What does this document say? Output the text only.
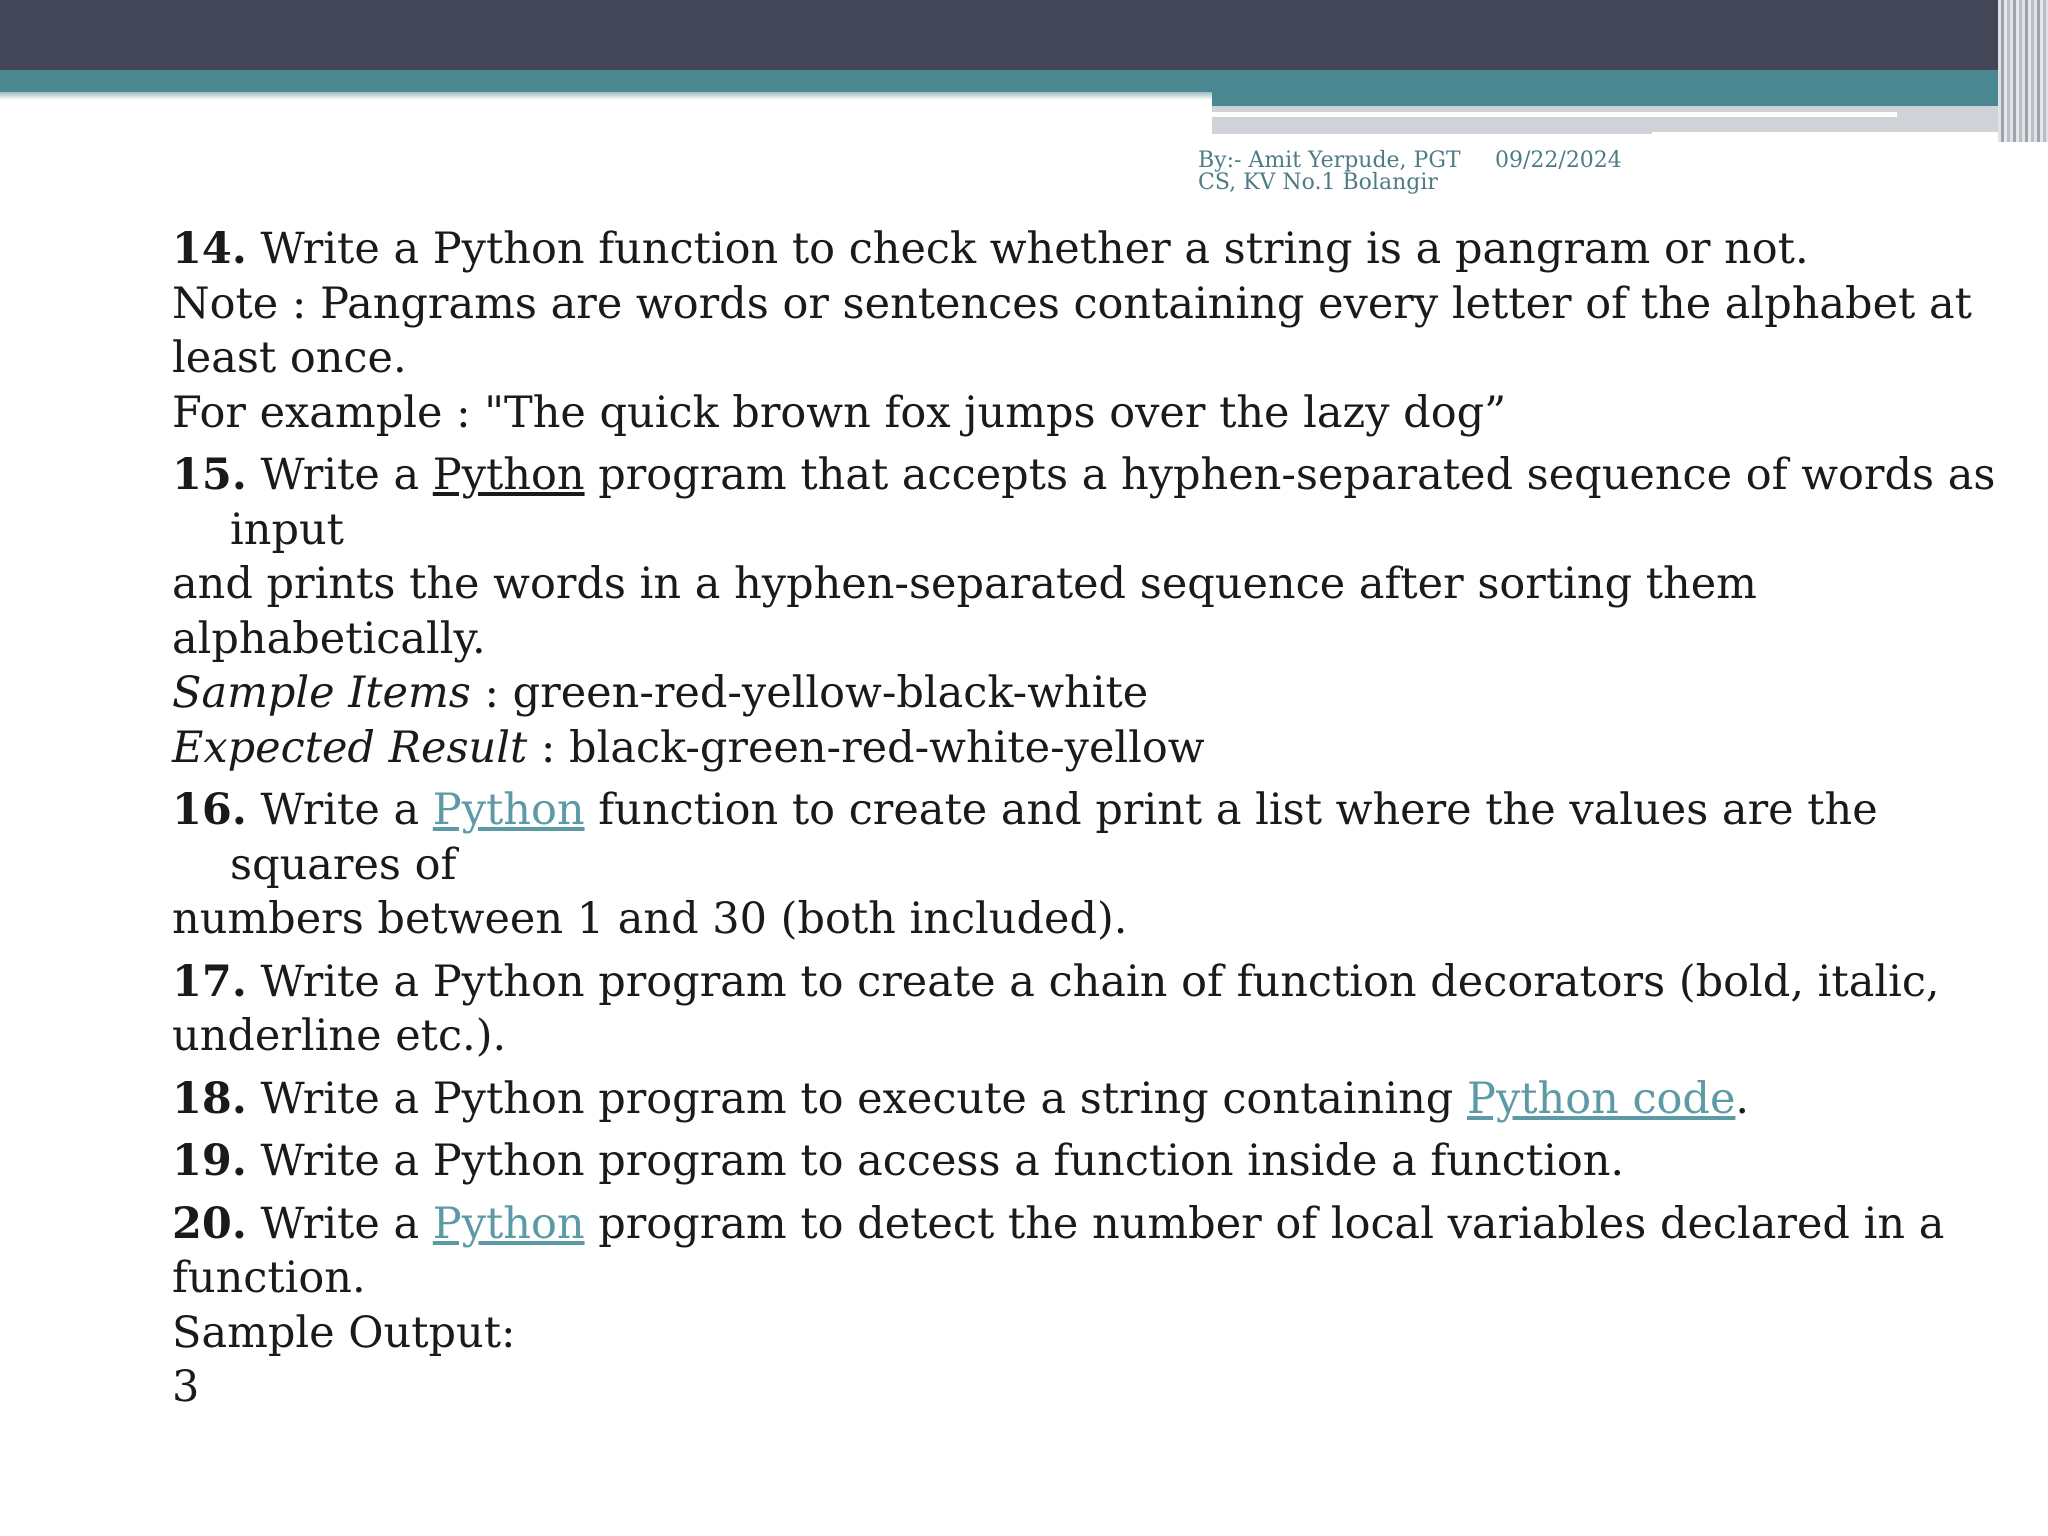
By:- Amit Yerpude, PGT
CS, KV No.1 Bolangir
09/22/2024
14. Write a Python function to check whether a string is a pangram or not.
Note : Pangrams are words or sentences containing every letter of the alphabet at
least once.
For example : "The quick brown fox jumps over the lazy dog”
15. Write a Python program that accepts a hyphen-separated sequence of words as input
and prints the words in a hyphen-separated sequence after sorting them
alphabetically.
Sample Items : green-red-yellow-black-white
Expected Result : black-green-red-white-yellow
16. Write a Python function to create and print a list where the values are the squares of
numbers between 1 and 30 (both included).
17. Write a Python program to create a chain of function decorators (bold, italic,
underline etc.).
18. Write a Python program to execute a string containing Python code.
19. Write a Python program to access a function inside a function.
20. Write a Python program to detect the number of local variables declared in a
function.
Sample Output:
3
